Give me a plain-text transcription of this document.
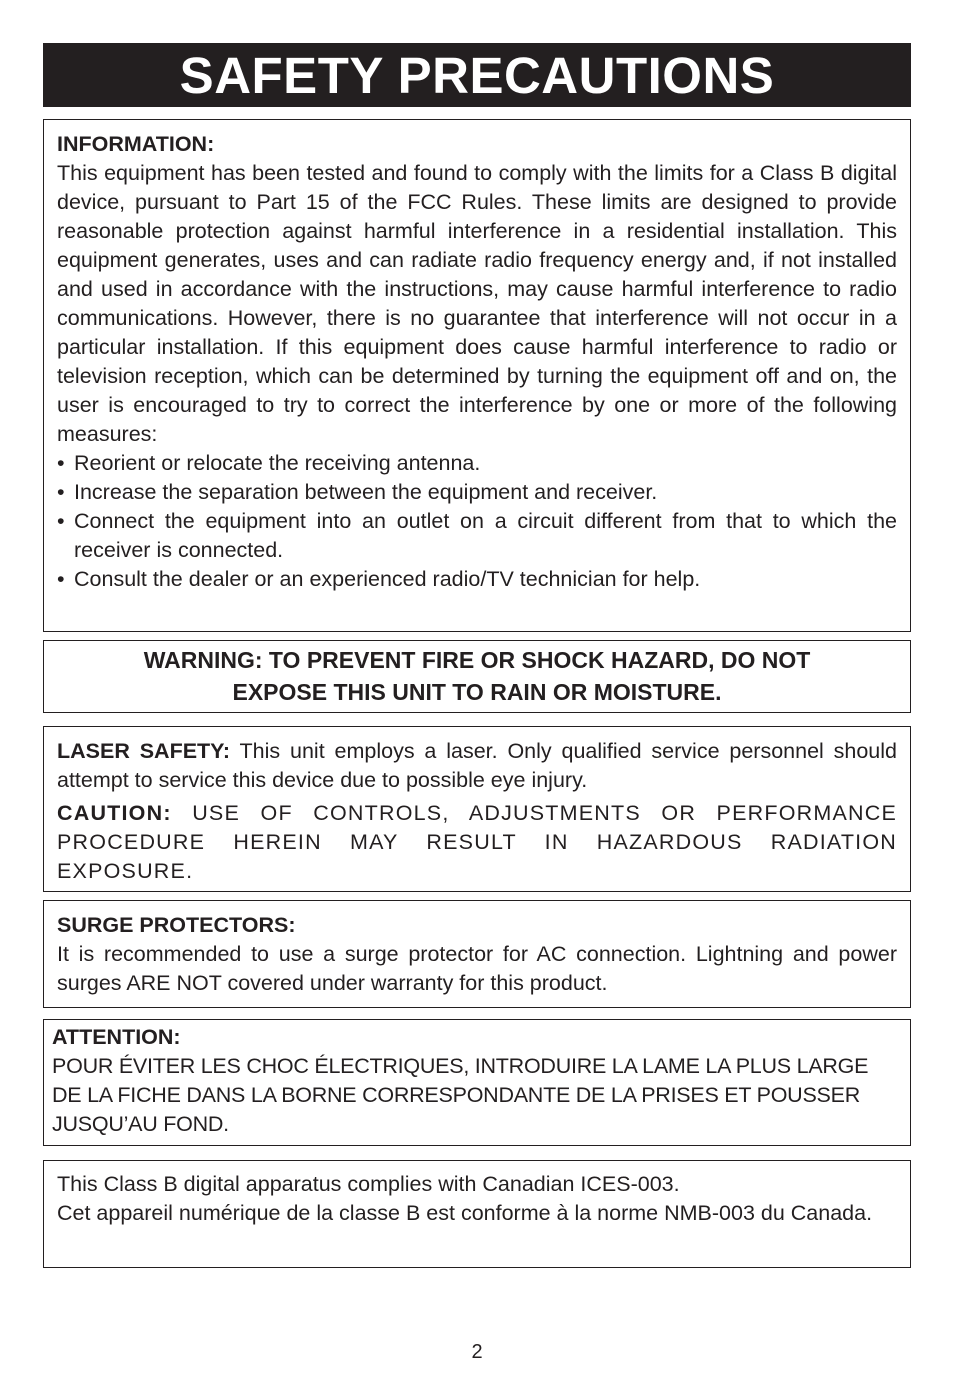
SAFETY PRECAUTIONS
INFORMATION:
This equipment has been tested and found to comply with the limits for a Class B digital device, pursuant to Part 15 of the FCC Rules. These limits are designed to provide reasonable protection against harmful interference in a residential installation. This equipment generates, uses and can radiate radio frequency energy and, if not installed and used in accordance with the instructions, may cause harmful interference to radio communications. However, there is no guarantee that interference will not occur in a particular installation. If this equipment does cause harmful interference to radio or television reception, which can be determined by turning the equipment off and on, the user is encouraged to try to correct the interference by one or more of the following measures:
• Reorient or relocate the receiving antenna.
• Increase the separation between the equipment and receiver.
• Connect the equipment into an outlet on a circuit different from that to which the receiver is connected.
• Consult the dealer or an experienced radio/TV technician for help.
WARNING: TO PREVENT FIRE OR SHOCK HAZARD, DO NOT
EXPOSE THIS UNIT TO RAIN OR MOISTURE.

LASER SAFETY: This unit employs a laser. Only qualified service personnel should attempt to service this device due to possible eye injury.

CAUTION: USE OF CONTROLS, ADJUSTMENTS OR PERFORMANCE PROCEDURE HEREIN MAY RESULT IN HAZARDOUS RADIATION EXPOSURE.

SURGE PROTECTORS:
It is recommended to use a surge protector for AC connection. Lightning and power surges ARE NOT covered under warranty for this product.
ATTENTION:
POUR ÉVITER LES CHOC ÉLECTRIQUES, INTRODUIRE LA LAME LA PLUS LARGE DE LA FICHE DANS LA BORNE CORRESPONDANTE DE LA PRISES ET POUSSER JUSQU’AU FOND.
This Class B digital apparatus complies with Canadian ICES-003.
Cet appareil numérique de la classe B est conforme à la norme NMB-003 du Canada.
2
